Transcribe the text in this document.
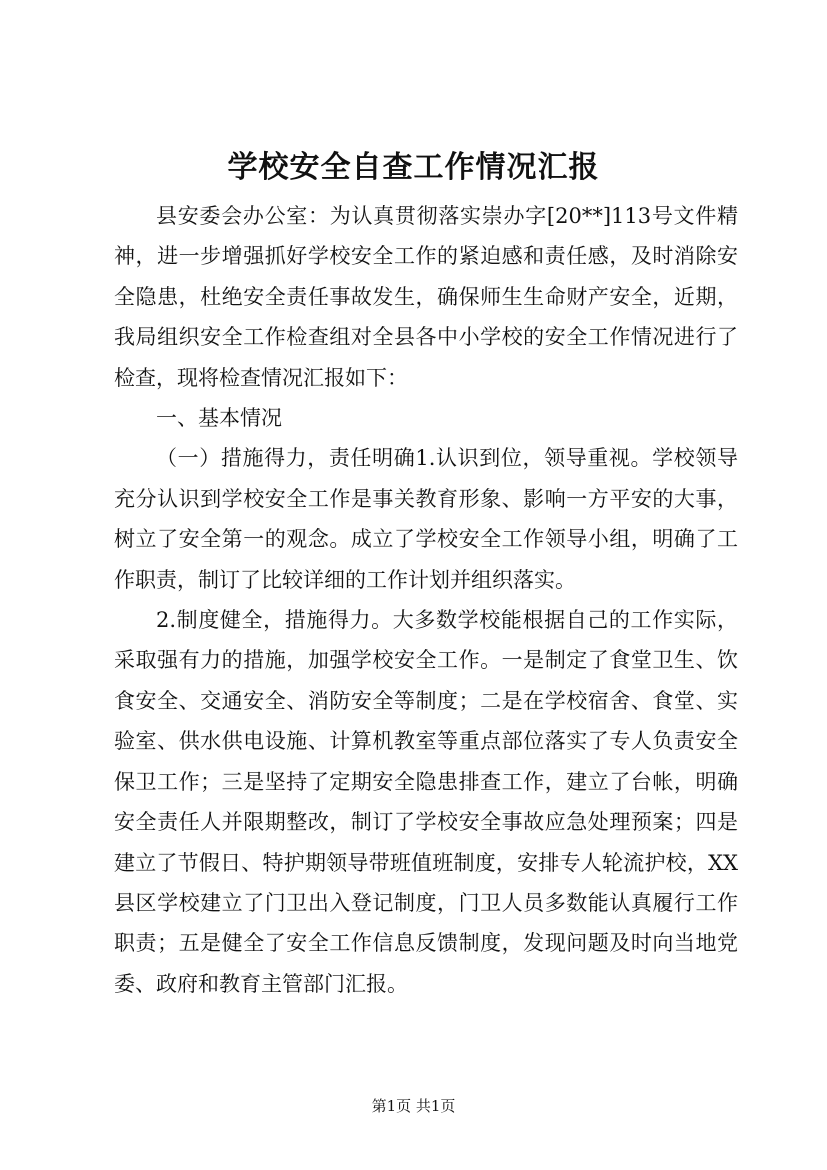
学校安全自查工作情况汇报

县安委会办公室：为认真贯彻落实崇办字[20**]113号文件精神，进一步增强抓好学校安全工作的紧迫感和责任感，及时消除安全隐患，杜绝安全责任事故发生，确保师生生命财产安全，近期，我局组织安全工作检查组对全县各中小学校的安全工作情况进行了检查，现将检查情况汇报如下：

一、基本情况

（一）措施得力，责任明确1.认识到位，领导重视。学校领导充分认识到学校安全工作是事关教育形象、影响一方平安的大事，树立了安全第一的观念。成立了学校安全工作领导小组，明确了工作职责，制订了比较详细的工作计划并组织落实。

2.制度健全，措施得力。大多数学校能根据自己的工作实际，采取强有力的措施，加强学校安全工作。一是制定了食堂卫生、饮食安全、交通安全、消防安全等制度；二是在学校宿舍、食堂、实验室、供水供电设施、计算机教室等重点部位落实了专人负责安全保卫工作；三是坚持了定期安全隐患排查工作，建立了台帐，明确安全责任人并限期整改，制订了学校安全事故应急处理预案；四是建立了节假日、特护期领导带班值班制度，安排专人轮流护校，XX县区学校建立了门卫出入登记制度，门卫人员多数能认真履行工作职责；五是健全了安全工作信息反馈制度，发现问题及时向当地党委、政府和教育主管部门汇报。

第1页 共1页
